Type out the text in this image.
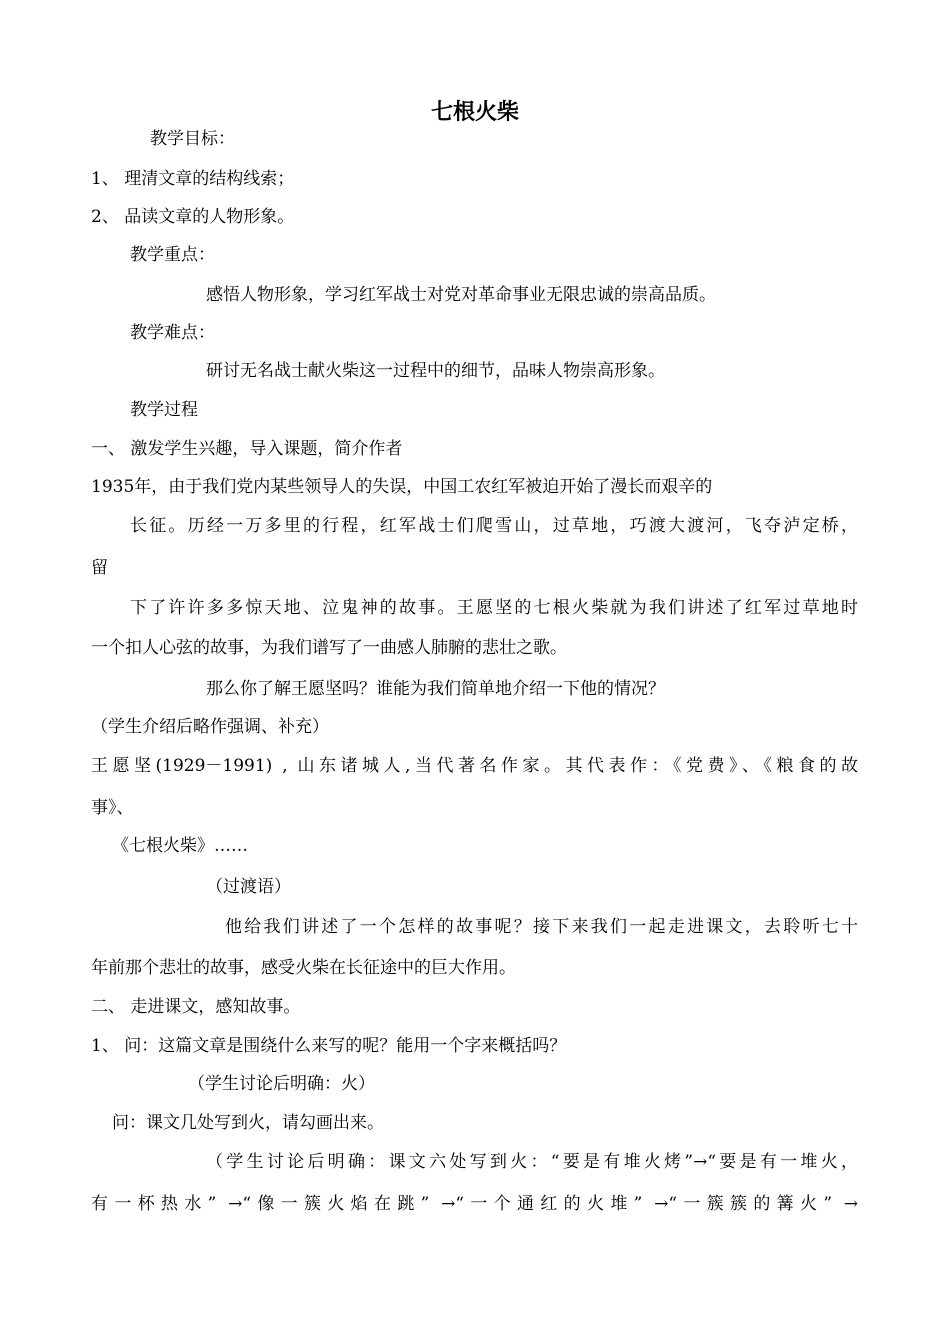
七根火柴
教学目标：
1、 理清文章的结构线索；
2、 品读文章的人物形象。
教学重点：
感悟人物形象，学习红军战士对党对革命事业无限忠诚的崇高品质。
教学难点：
研讨无名战士献火柴这一过程中的细节，品味人物崇高形象。
教学过程
一、 激发学生兴趣，导入课题，简介作者
1935年，由于我们党内某些领导人的失误，中国工农红军被迫开始了漫长而艰辛的
长征。历经一万多里的行程，红军战士们爬雪山，过草地，巧渡大渡河，飞夺泸定桥，
留
下了许许多多惊天地、泣鬼神的故事。王愿坚的七根火柴就为我们讲述了红军过草地时
一个扣人心弦的故事，为我们谱写了一曲感人肺腑的悲壮之歌。
那么你了解王愿坚吗？谁能为我们简单地介绍一下他的情况？
（学生介绍后略作强调、补充）
王愿坚(1929－1991) , 山东诸城人,当代著名作家。其代表作：《党费》、《粮食的故
事》、
《七根火柴》……
（过渡语）
他给我们讲述了一个怎样的故事呢？接下来我们一起走进课文，去聆听七十
年前那个悲壮的故事，感受火柴在长征途中的巨大作用。
二、 走进课文，感知故事。
1、 问：这篇文章是围绕什么来写的呢？能用一个字来概括吗？
（学生讨论后明确：火）
问：课文几处写到火，请勾画出来。
（学生讨论后明确：课文六处写到火：“要是有堆火烤”→“要是有一堆火，
有一杯热水” →“像一簇火焰在跳” →“一个通红的火堆” →“一簇簇的篝火” →
